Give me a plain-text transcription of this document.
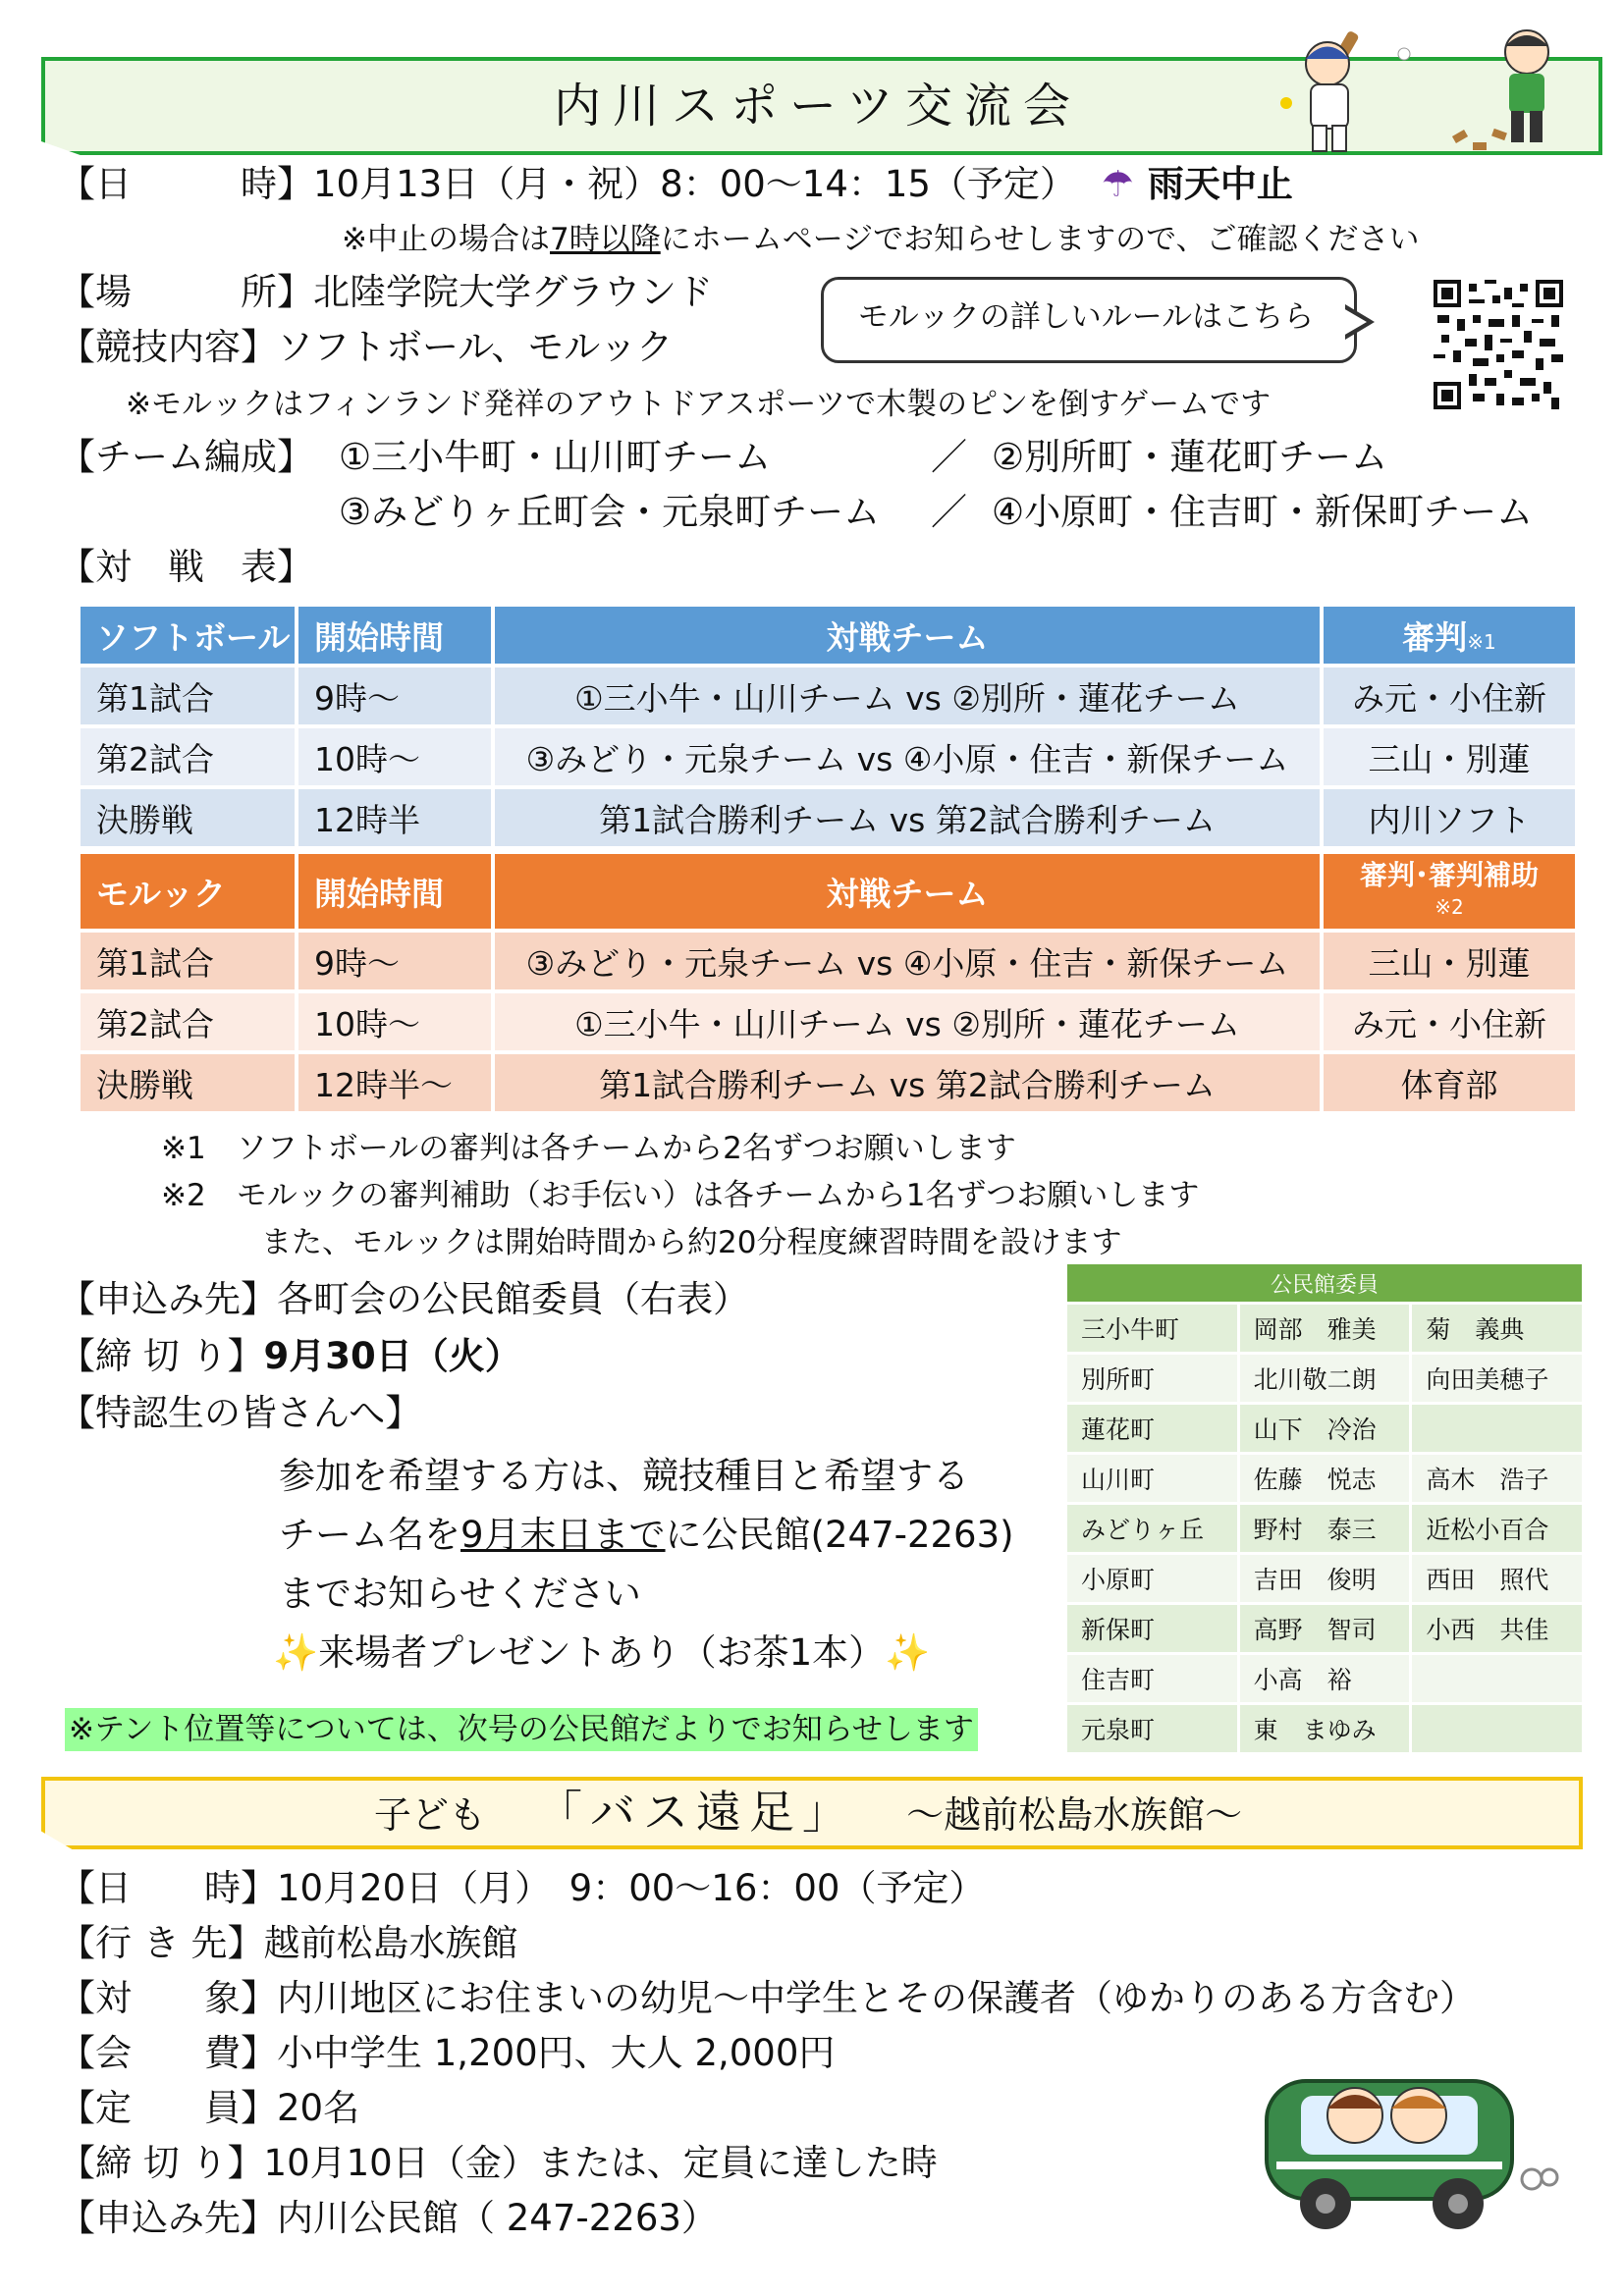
内川スポーツ交流会
【日　　　時】10月13日（月・祝）8：00～14：15（予定） ☂ 雨天中止
※中止の場合は7時以降にホームページでお知らせしますので、ご確認ください
【場　　　所】北陸学院大学グラウンド
【競技内容】ソフトボール、モルック
モルックの詳しいルールはこちら
※モルックはフィンランド発祥のアウトドアスポーツで木製のピンを倒すゲームです
【チーム編成】 ①三小牛町・山川町チーム	／ ②別所町・蓮花町チーム
③みどりヶ丘町会・元泉町チーム ／ ④小原町・住吉町・新保町チーム
【対　戦　表】
ソフトボール	開始時間	対戦チーム	審判※1
第1試合	9時～	①三小牛・山川チーム vs ②別所・蓮花チーム	み元・小住新
第2試合	10時～	③みどり・元泉チーム vs ④小原・住吉・新保チーム	三山・別蓮
決勝戦	12時半	第1試合勝利チーム vs 第2試合勝利チーム	内川ソフト
モルック	開始時間	対戦チーム	審判･審判補助
※2
第1試合	9時～	③みどり・元泉チーム vs ④小原・住吉・新保チーム	三山・別蓮
第2試合	10時～	①三小牛・山川チーム vs ②別所・蓮花チーム	み元・小住新
決勝戦	12時半～	第1試合勝利チーム vs 第2試合勝利チーム	体育部
※1　ソフトボールの審判は各チームから2名ずつお願いします
※2　モルックの審判補助（お手伝い）は各チームから1名ずつお願いします
また、モルックは開始時間から約20分程度練習時間を設けます
【申込み先】各町会の公民館委員（右表）
【締 切 り】9月30日（火）
【特認生の皆さんへ】
参加を希望する方は、競技種目と希望する
チーム名を9月末日までに公民館(247-2263)
までお知らせください
✨来場者プレゼントあり（お茶1本）✨
※テント位置等については、次号の公民館だよりでお知らせします
公民館委員		
三小牛町	岡部　雅美	菊　義典
別所町	北川敬二朗	向田美穂子
蓮花町	山下　冷治	
山川町	佐藤　悦志	高木　浩子
みどりヶ丘	野村　泰三	近松小百合
小原町	吉田　俊明	西田　照代
新保町	高野　智司	小西　共佳
住吉町	小高　裕	
元泉町	東　まゆみ	
子ども 「バス遠足」 ～越前松島水族館～
【日　　時】10月20日（月）　9：00～16：00（予定）
【行 き 先】越前松島水族館
【対　　象】内川地区にお住まいの幼児～中学生とその保護者（ゆかりのある方含む）
【会　　費】小中学生 1,200円、大人 2,000円
【定　　員】20名
【締 切 り】10月10日（金）または、定員に達した時
【申込み先】内川公民館（ 247-2263）
